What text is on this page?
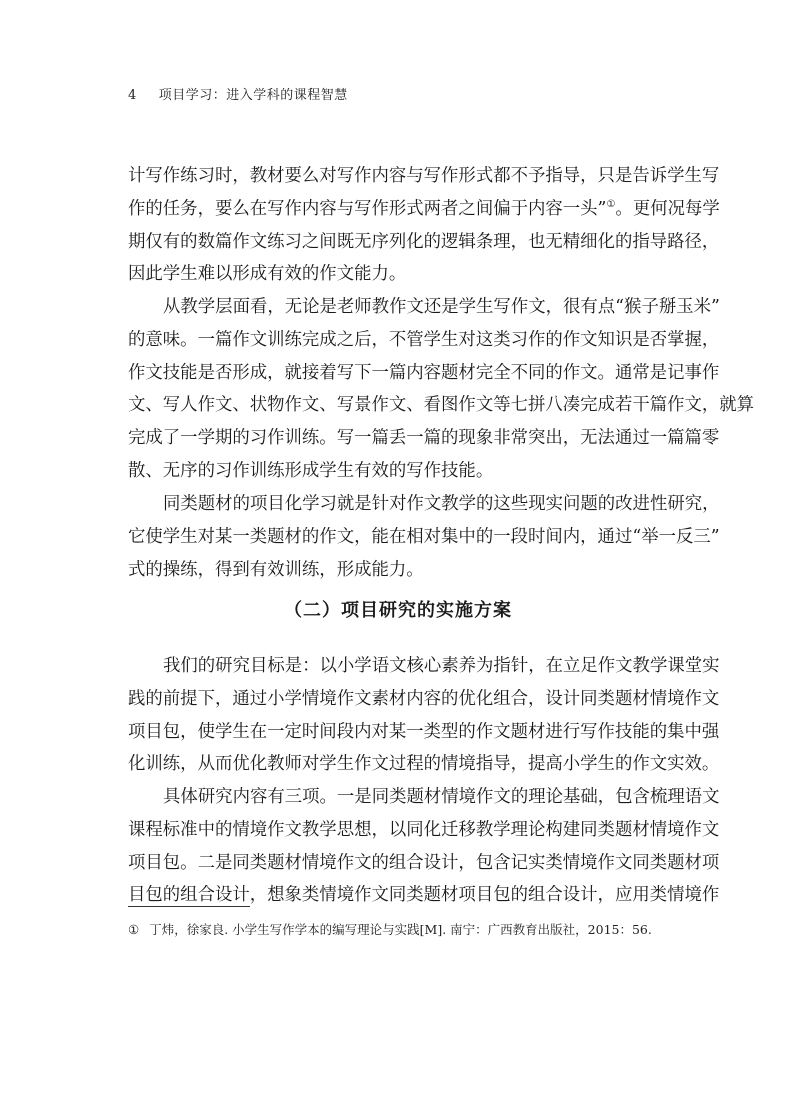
4 项目学习：进入学科的课程智慧
计写作练习时，教材要么对写作内容与写作形式都不予指导，只是告诉学生写
作的任务，要么在写作内容与写作形式两者之间偏于内容一头”①。更何况每学
期仅有的数篇作文练习之间既无序列化的逻辑条理，也无精细化的指导路径，
因此学生难以形成有效的作文能力。
从教学层面看，无论是老师教作文还是学生写作文，很有点“猴子掰玉米”
的意味。一篇作文训练完成之后，不管学生对这类习作的作文知识是否掌握，
作文技能是否形成，就接着写下一篇内容题材完全不同的作文。通常是记事作
文、写人作文、状物作文、写景作文、看图作文等七拼八凑完成若干篇作文，就算
完成了一学期的习作训练。写一篇丢一篇的现象非常突出，无法通过一篇篇零
散、无序的习作训练形成学生有效的写作技能。
同类题材的项目化学习就是针对作文教学的这些现实问题的改进性研究，
它使学生对某一类题材的作文，能在相对集中的一段时间内，通过“举一反三”
式的操练，得到有效训练，形成能力。
（二）项目研究的实施方案
我们的研究目标是：以小学语文核心素养为指针，在立足作文教学课堂实
践的前提下，通过小学情境作文素材内容的优化组合，设计同类题材情境作文
项目包，使学生在一定时间段内对某一类型的作文题材进行写作技能的集中强
化训练，从而优化教师对学生作文过程的情境指导，提高小学生的作文实效。
具体研究内容有三项。一是同类题材情境作文的理论基础，包含梳理语文
课程标准中的情境作文教学思想，以同化迁移教学理论构建同类题材情境作文
项目包。二是同类题材情境作文的组合设计，包含记实类情境作文同类题材项
目包的组合设计，想象类情境作文同类题材项目包的组合设计，应用类情境作
① 丁炜，徐家良. 小学生写作学本的编写理论与实践[M]. 南宁：广西教育出版社，2015：56.
